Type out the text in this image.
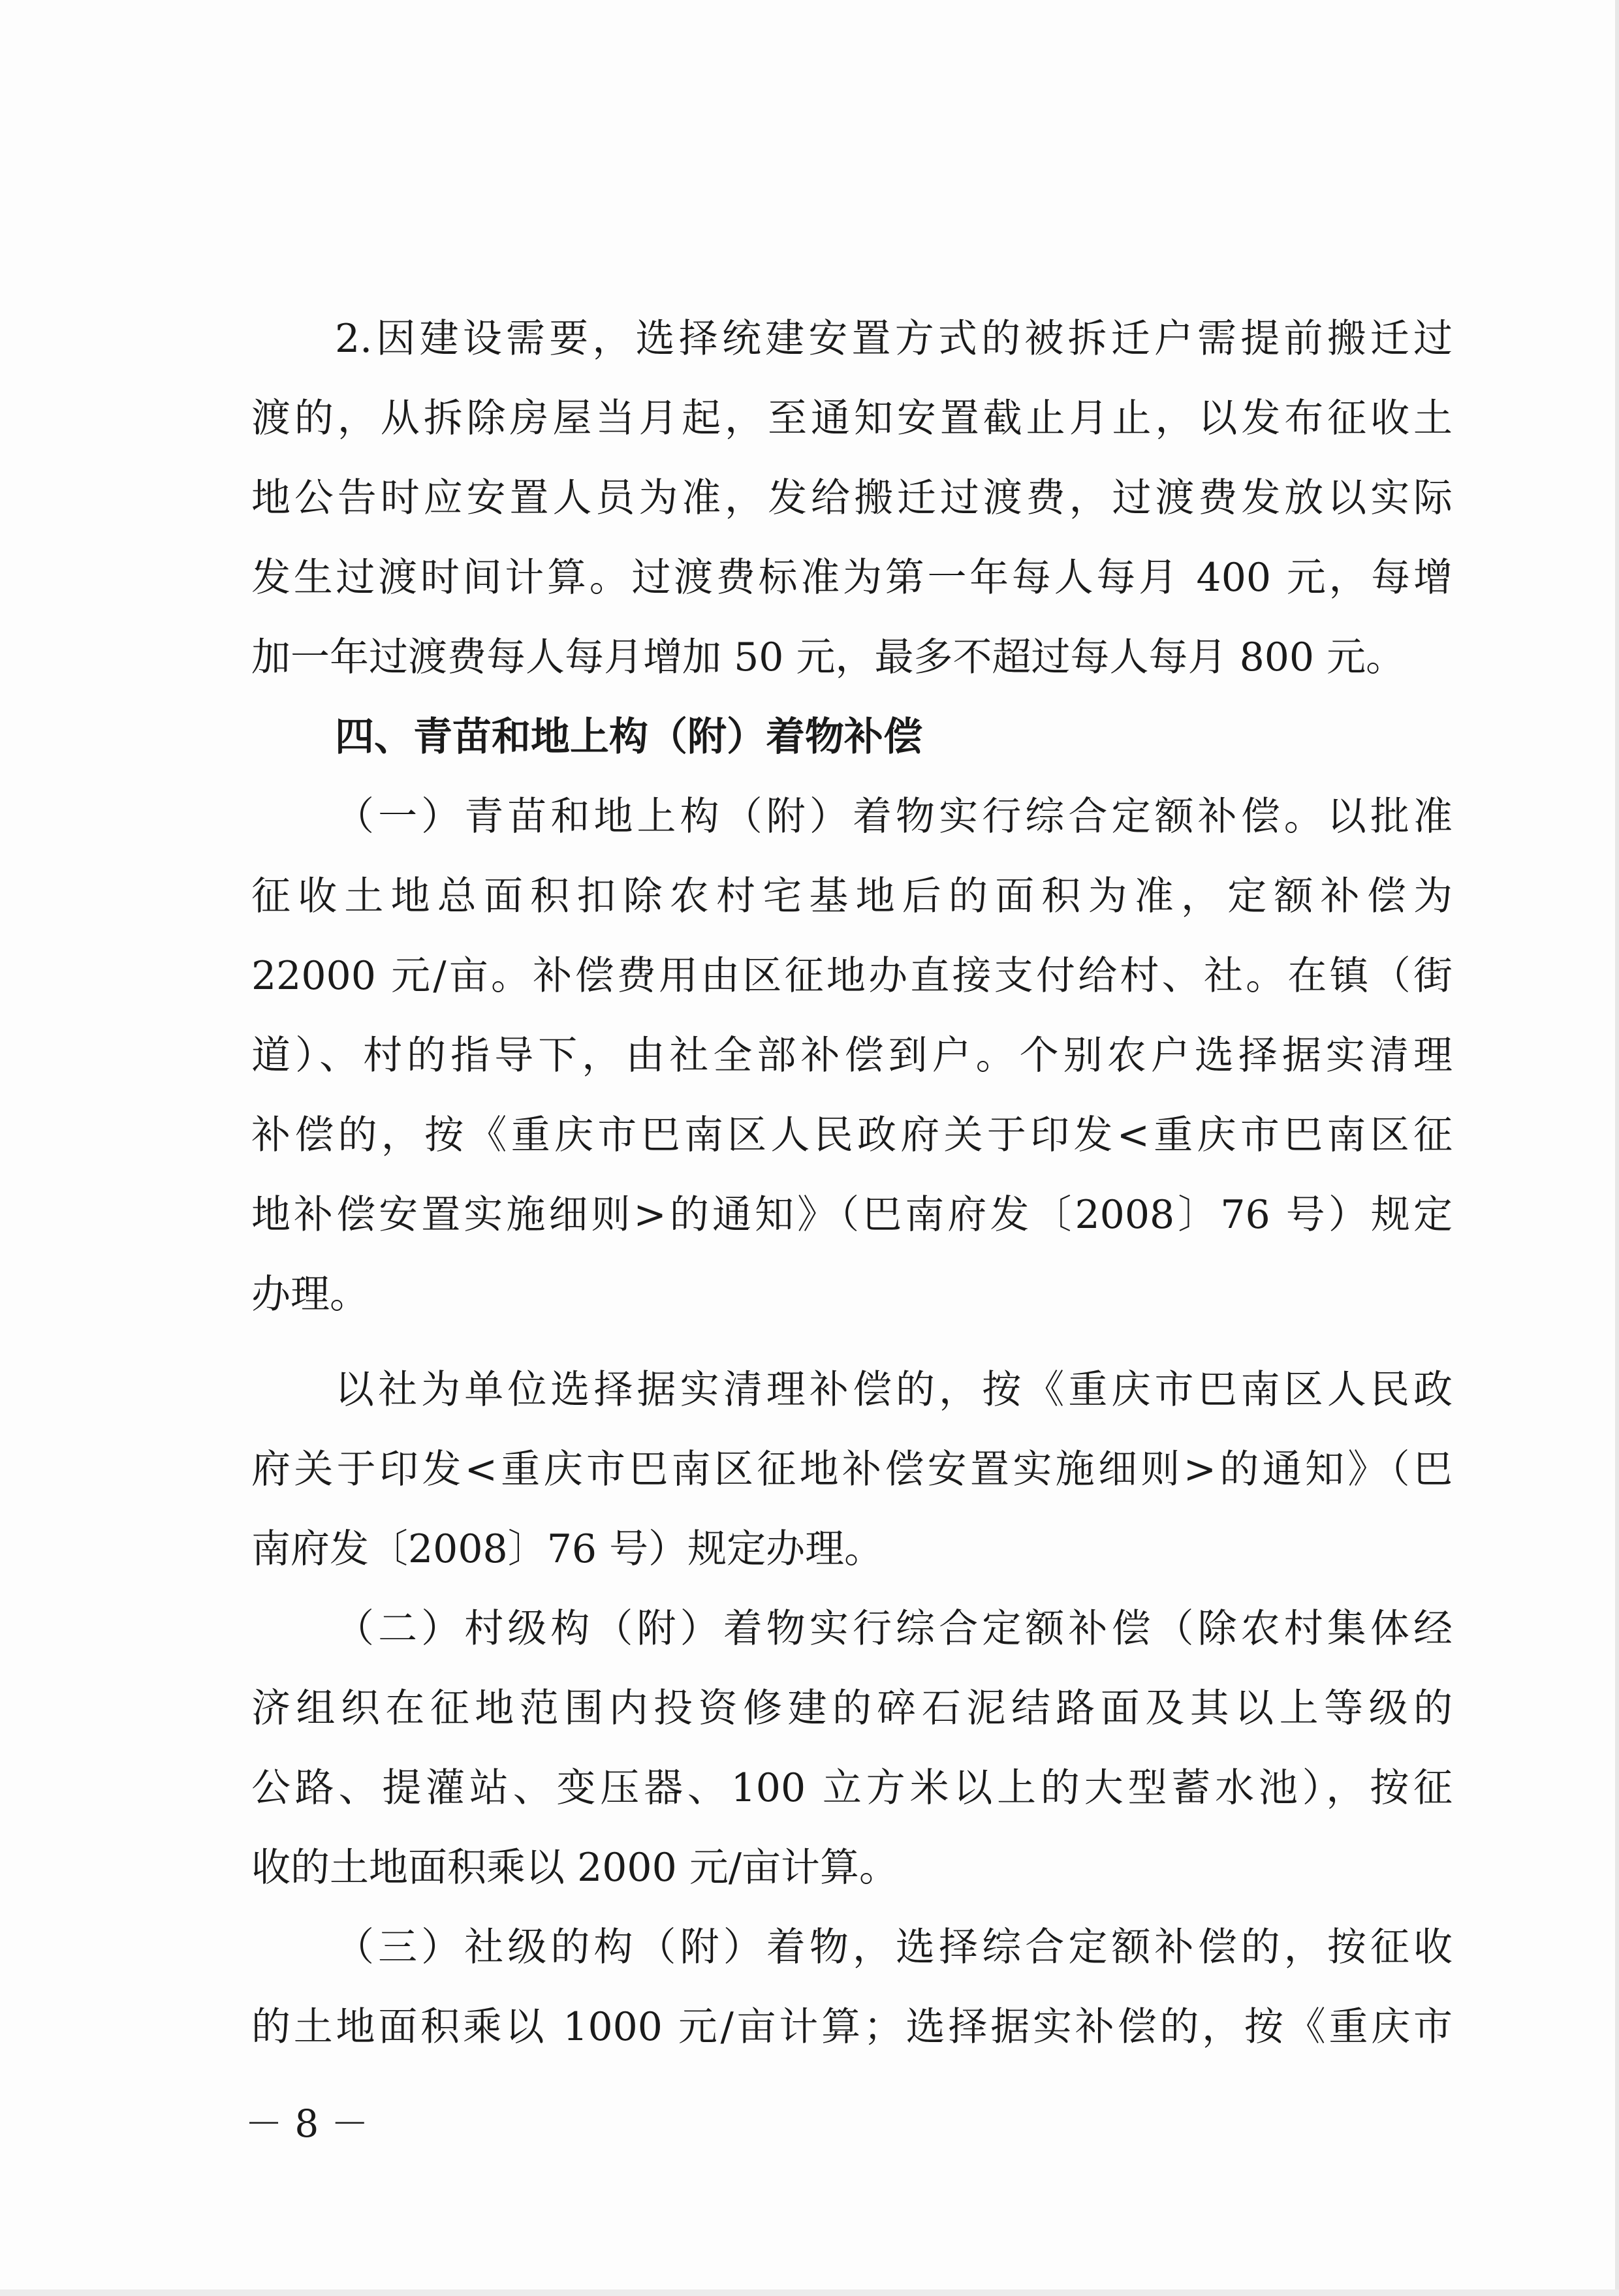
2.因建设需要，选择统建安置方式的被拆迁户需提前搬迁过
渡的，从拆除房屋当月起，至通知安置截止月止，以发布征收土
地公告时应安置人员为准，发给搬迁过渡费，过渡费发放以实际
发生过渡时间计算。过渡费标准为第一年每人每月 400 元，每增
加一年过渡费每人每月增加 50 元，最多不超过每人每月 800 元。
四、青苗和地上构（附）着物补偿
（一）青苗和地上构（附）着物实行综合定额补偿。以批准
征收土地总面积扣除农村宅基地后的面积为准，定额补偿为
22000 元/亩。补偿费用由区征地办直接支付给村、社。在镇（街
道）、村的指导下，由社全部补偿到户。个别农户选择据实清理
补偿的，按《重庆市巴南区人民政府关于印发<重庆市巴南区征
地补偿安置实施细则>的通知》（巴南府发〔2008〕76 号）规定
办理。
以社为单位选择据实清理补偿的，按《重庆市巴南区人民政
府关于印发<重庆市巴南区征地补偿安置实施细则>的通知》（巴
南府发〔2008〕76 号）规定办理。
（二）村级构（附）着物实行综合定额补偿（除农村集体经
济组织在征地范围内投资修建的碎石泥结路面及其以上等级的
公路、提灌站、变压器、100 立方米以上的大型蓄水池），按征
收的土地面积乘以 2000 元/亩计算。
（三）社级的构（附）着物，选择综合定额补偿的，按征收
的土地面积乘以 1000 元/亩计算；选择据实补偿的，按《重庆市
－ 8 －
